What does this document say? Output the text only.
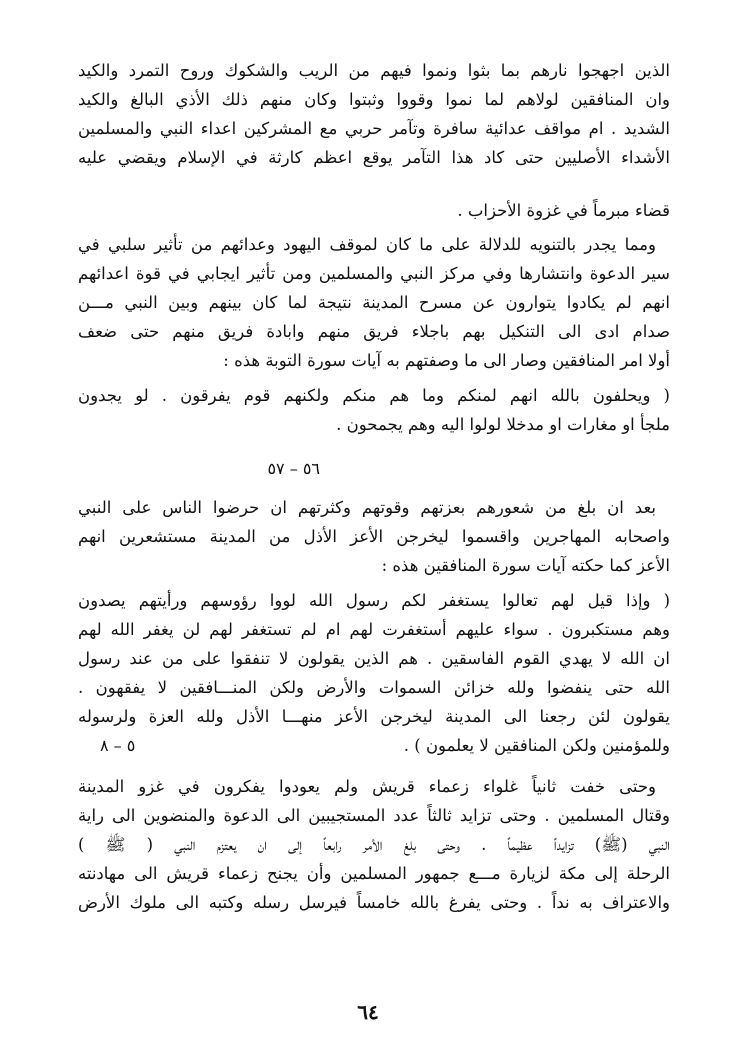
الذين اجهجوا نارهم بما بثوا ونموا فيهم من الريب والشكوك وروح التمرد والكيد
وان المنافقين لولاهم لما نموا وقووا وثبتوا وكان منهم ذلك الأذي البالغ والكيد
الشديد . ام مواقف عدائية سافرة وتآمر حربي مع المشركين اعداء النبي والمسلمين
الأشداء الأصليين حتى كاد هذا التآمر يوقع اعظم كارثة في الإسلام ويقضي عليه
قضاء مبرماً في غزوة الأحزاب .
ومما يجدر بالتنويه للدلالة على ما كان لموقف اليهود وعدائهم من تأثير سلبي في
سير الدعوة وانتشارها وفي مركز النبي والمسلمين ومن تأثير ايجابي في قوة اعدائهم
انهم لم يكادوا يتوارون عن مسرح المدينة نتيجة لما كان بينهم وبين النبي مـــن
صدام ادى الى التنكيل بهم باجلاء فريق منهم وابادة فريق منهم حتى ضعف
أولا امر المنافقين وصار الى ما وصفتهم به آيات سورة التوبة هذه :
( ويحلفون بالله انهم لمنكم وما هم منكم ولكنهم قوم يفرقون . لو يجدون
ملجأ او مغارات او مدخلا لولوا اليه وهم يجمحون .
٥٦ – ٥٧
بعد ان بلغ من شعورهم بعزتهم وقوتهم وكثرتهم ان حرضوا الناس على النبي
واصحابه المهاجرين واقسموا ليخرجن الأعز الأذل من المدينة مستشعرين انهم
الأعز كما حكته آيات سورة المنافقين هذه :
( وإذا قيل لهم تعالوا يستغفر لكم رسول الله لووا رؤوسهم ورأيتهم يصدون
وهم مستكبرون . سواء عليهم أستغفرت لهم ام لم تستغفر لهم لن يغفر الله لهم
ان الله لا يهدي القوم الفاسقين . هم الذين يقولون لا تنفقوا على من عند رسول
الله حتى ينفضوا ولله خزائن السموات والأرض ولكن المنـــافقين لا يفقهون .
يقولون لئن رجعنا الى المدينة ليخرجن الأعز منهـــا الأذل ولله العزة ولرسوله
وللمؤمنين ولكن المنافقين لا يعلمون ) .
٥ – ٨
وحتى خفت ثانياً غلواء زعماء قريش ولم يعودوا يفكرون في غزو المدينة
وقتال المسلمين . وحتى تزايد ثالثاً عدد المستجيبين الى الدعوة والمنضوين الى راية
النبي (ﷺ) تزايداً عظيماً . وحتى بلغ الأمر رابعاً إلى ان يعتزم النبي ( ﷺ )
الرحلة إلى مكة لزيارة مـــع جمهور المسلمين وأن يجنح زعماء قريش الى مهادنته
والاعتراف به نداً . وحتى يفرغ بالله خامساً فيرسل رسله وكتبه الى ملوك الأرض
٦٤
